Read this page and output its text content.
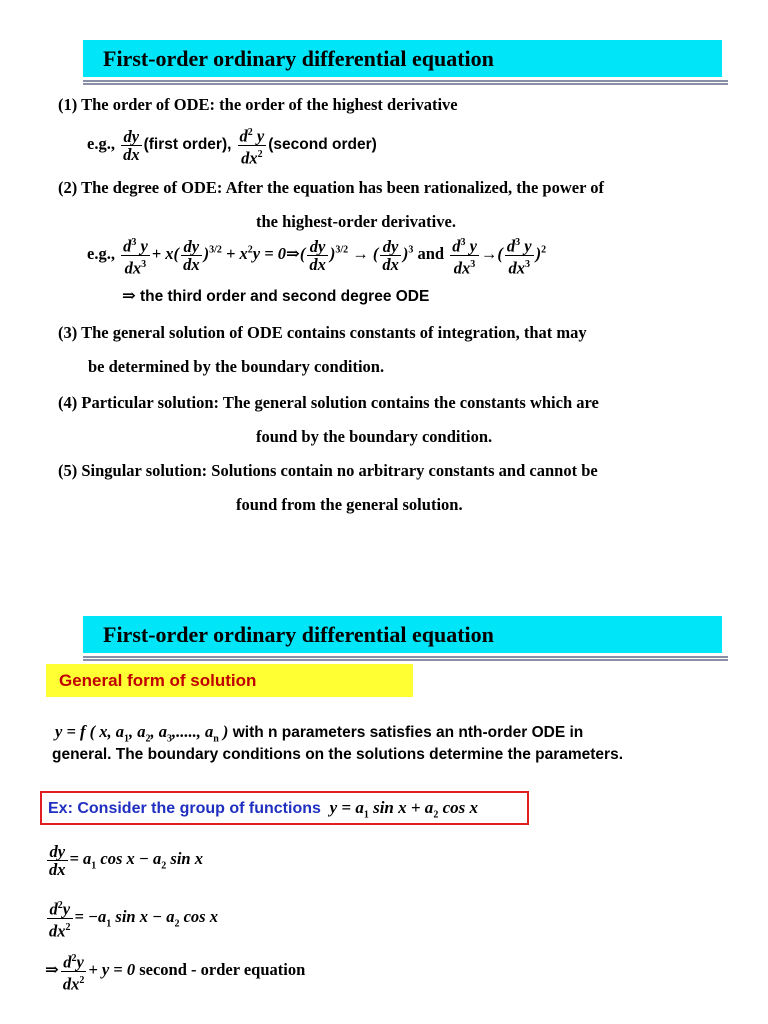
First-order ordinary differential equation
(1) The order of ODE: the order of the highest derivative
e.g., $\frac{dy}{dx}$ (first order), $\frac{d^2 y}{dx^2}$ (second order)
(2) The degree of ODE: After the equation has been rationalized, the power of
the highest-order derivative.
e.g., $\frac{d^3 y}{dx^3} + x( \frac{dy}{dx} )^{3/2} + x^2y$ = 0⇒( $\frac{dy}{dx} )^{3/2}$ → ( $\frac{dy}{dx} )^3$ and $\frac{d^3 y}{dx^3}$ →( $\frac{d^3 y}{dx^3} )^2$
⇒ the third order and second degree ODE
(3) The general solution of ODE contains constants of integration, that may
be determined by the boundary condition.
(4) Particular solution: The general solution contains the constants which are
found by the boundary condition.
(5) Singular solution: Solutions contain no arbitrary constants and cannot be
found from the general solution.
First-order ordinary differential equation
General form of solution
y = f ( x, $a_1$, $a_2$, $a_3$,....., $a_n$ ) with n parameters satisfies an nth-order ODE in
general. The boundary conditions on the solutions determine the parameters.
Ex: Consider the group of functions  $y = a_1$ $\sin x + a_2$ cos x
$\frac{dy}{dx} = a_1$ $\cos x - a_2$ sin x
$\frac{d^2y}{dx^2} = -a_1$ $\sin x - a_2$ cos x
⇒ $\frac{d^2y}{dx^2} + y = 0$ second - order equation
